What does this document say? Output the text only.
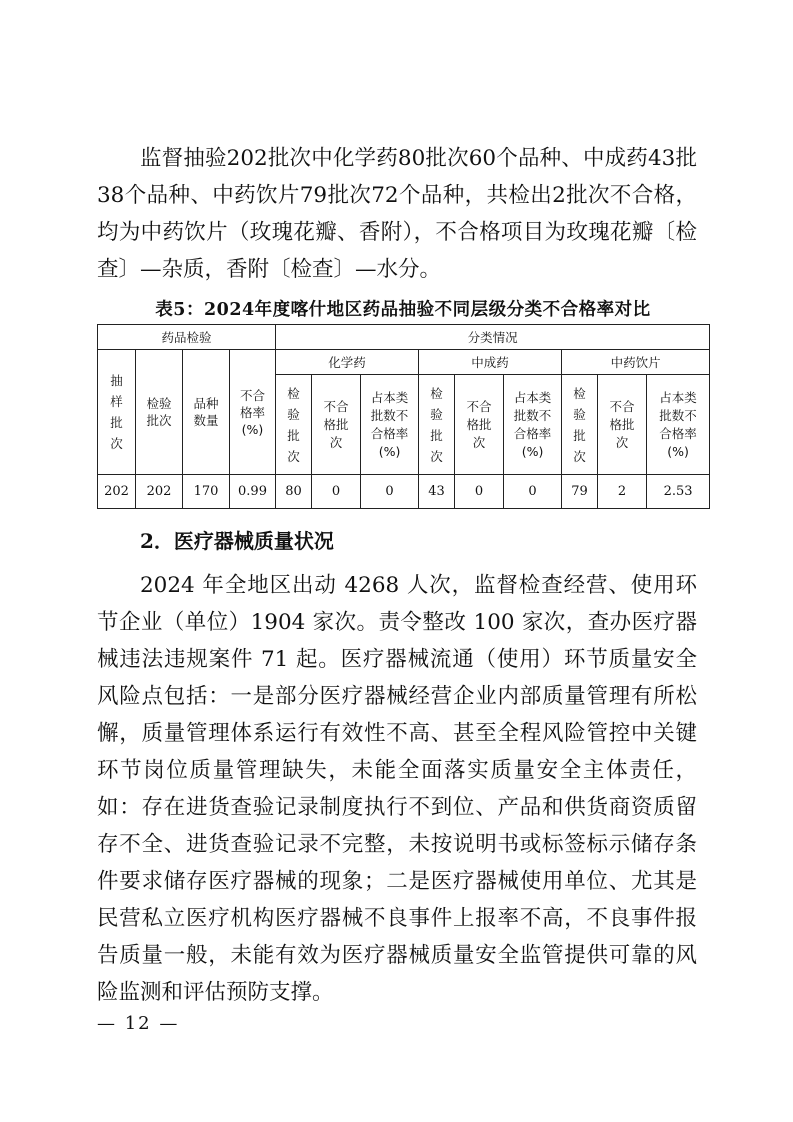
监督抽验202批次中化学药80批次60个品种、中成药43批38个品种、中药饮片79批次72个品种，共检出2批次不合格，均为中药饮片（玫瑰花瓣、香附），不合格项目为玫瑰花瓣〔检查〕—杂质，香附〔检查〕—水分。

表5：2024年度喀什地区药品抽验不同层级分类不合格率对比
药品检验				分类情况								
抽样批次	检验批次	品种数量	不合格率(%)	化学药			中成药			中药饮片		
				检验批次	不合格批次	占本类批数不合格率(%)	检验批次	不合格批次	占本类批数不合格率(%)	检验批次	不合格批次	占本类批数不合格率(%)
202	202	170	0.99	80	0	0	43	0	0	79	2	2.53
2．医疗器械质量状况

2024 年全地区出动 4268 人次，监督检查经营、使用环节企业（单位）1904 家次。责令整改 100 家次，查办医疗器械违法违规案件 71 起。医疗器械流通（使用）环节质量安全风险点包括：一是部分医疗器械经营企业内部质量管理有所松懈，质量管理体系运行有效性不高、甚至全程风险管控中关键环节岗位质量管理缺失，未能全面落实质量安全主体责任，如：存在进货查验记录制度执行不到位、产品和供货商资质留存不全、进货查验记录不完整，未按说明书或标签标示储存条件要求储存医疗器械的现象；二是医疗器械使用单位、尤其是民营私立医疗机构医疗器械不良事件上报率不高，不良事件报告质量一般，未能有效为医疗器械质量安全监管提供可靠的风险监测和评估预防支撑。

— 12 —
